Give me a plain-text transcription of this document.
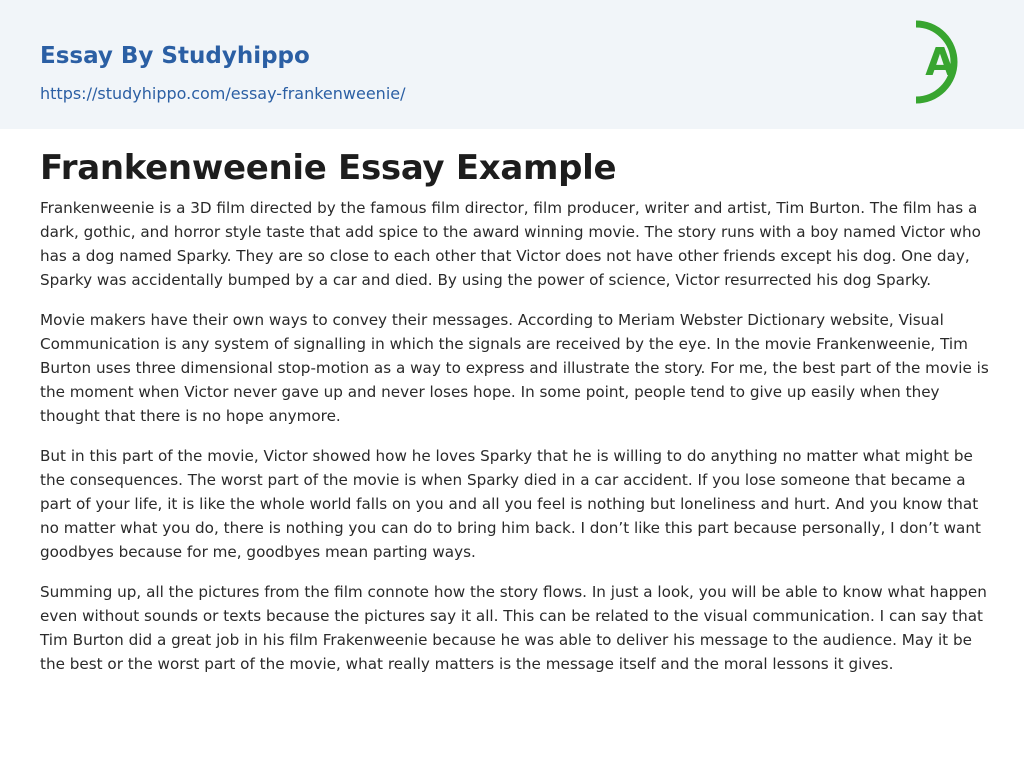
Essay By Studyhippo
https://studyhippo.com/essay-frankenweenie/
A
Frankenweenie Essay Example

Frankenweenie is a 3D film directed by the famous film director, film producer, writer and artist, Tim Burton. The film has a dark, gothic, and horror style taste that add spice to the award winning movie. The story runs with a boy named Victor who has a dog named Sparky. They are so close to each other that Victor does not have other friends except his dog. One day, Sparky was accidentally bumped by a car and died. By using the power of science, Victor resurrected his dog Sparky.

Movie makers have their own ways to convey their messages. According to Meriam Webster Dictionary website, Visual Communication is any system of signalling in which the signals are received by the eye. In the movie Frankenweenie, Tim Burton uses three dimensional stop-motion as a way to express and illustrate the story. For me, the best part of the movie is the moment when Victor never gave up and never loses hope. In some point, people tend to give up easily when they thought that there is no hope anymore.

But in this part of the movie, Victor showed how he loves Sparky that he is willing to do anything no matter what might be the consequences. The worst part of the movie is when Sparky died in a car accident. If you lose someone that became a part of your life, it is like the whole world falls on you and all you feel is nothing but loneliness and hurt. And you know that no matter what you do, there is nothing you can do to bring him back. I don’t like this part because personally, I don’t want goodbyes because for me, goodbyes mean parting ways.

Summing up, all the pictures from the film connote how the story flows. In just a look, you will be able to know what happen even without sounds or texts because the pictures say it all. This can be related to the visual communication. I can say that Tim Burton did a great job in his film Frakenweenie because he was able to deliver his message to the audience. May it be the best or the worst part of the movie, what really matters is the message itself and the moral lessons it gives.
